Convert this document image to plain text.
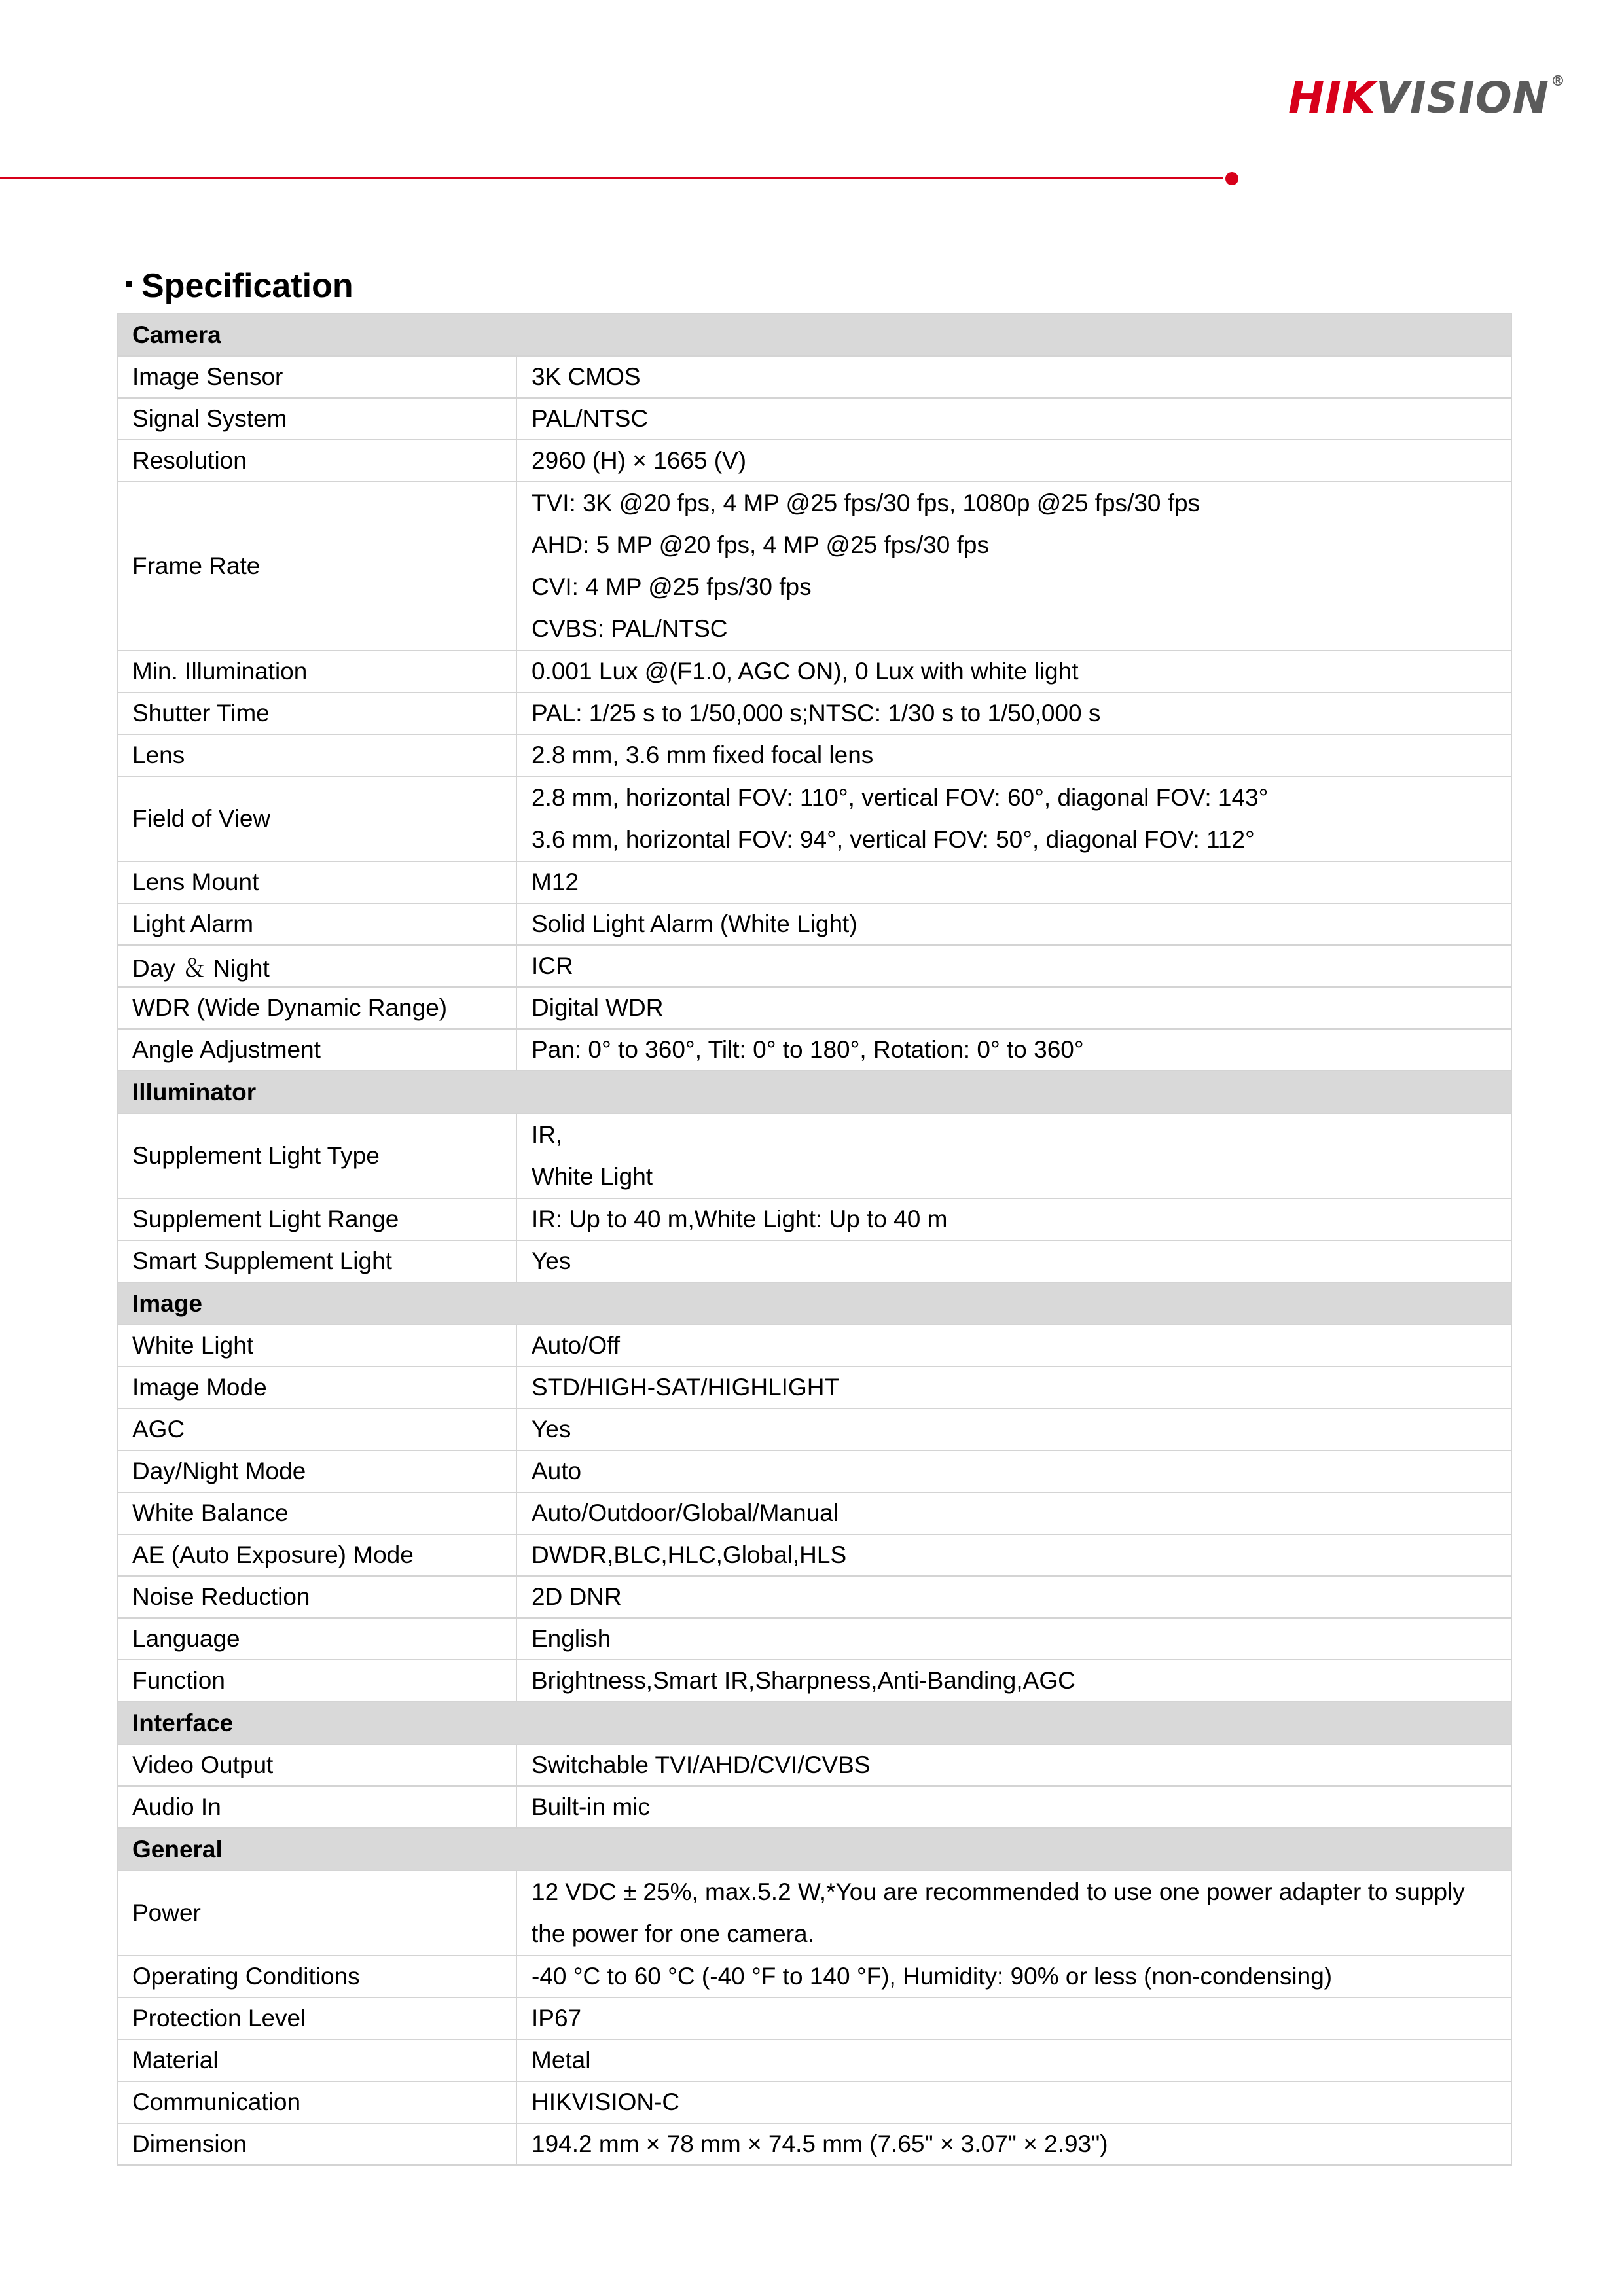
HIKVISION®
Specification
Camera	
Image Sensor	3K CMOS

Signal System	PAL/NTSC

Resolution	2960 (H) × 1665 (V)

Frame Rate	TVI: 3K @20 fps, 4 MP @25 fps/30 fps, 1080p @25 fps/30 fps
AHD: 5 MP @20 fps, 4 MP @25 fps/30 fps
CVI: 4 MP @25 fps/30 fps
CVBS: PAL/NTSC

Min. Illumination	0.001 Lux @(F1.0, AGC ON), 0 Lux with white light

Shutter Time	PAL: 1/25 s to 1/50,000 s;NTSC: 1/30 s to 1/50,000 s

Lens	2.8 mm, 3.6 mm fixed focal lens

Field of View	2.8 mm, horizontal FOV: 110°, vertical FOV: 60°, diagonal FOV: 143°
3.6 mm, horizontal FOV: 94°, vertical FOV: 50°, diagonal FOV: 112°

Lens Mount	M12

Light Alarm	Solid Light Alarm (White Light)

Day ＆ Night	ICR

WDR (Wide Dynamic Range)	Digital WDR

Angle Adjustment	Pan: 0° to 360°, Tilt: 0° to 180°, Rotation: 0° to 360°

Illuminator	
Supplement Light Type	IR,
White Light

Supplement Light Range	IR: Up to 40 m,White Light: Up to 40 m

Smart Supplement Light	Yes

Image	
White Light	Auto/Off

Image Mode	STD/HIGH-SAT/HIGHLIGHT

AGC	Yes

Day/Night Mode	Auto

White Balance	Auto/Outdoor/Global/Manual

AE (Auto Exposure) Mode	DWDR,BLC,HLC,Global,HLS

Noise Reduction	2D DNR

Language	English

Function	Brightness,Smart IR,Sharpness,Anti-Banding,AGC

Interface	
Video Output	Switchable TVI/AHD/CVI/CVBS

Audio In	Built-in mic

General	
Power	12 VDC ± 25%, max.5.2 W,*You are recommended to use one power adapter to supply
the power for one camera.

Operating Conditions	-40 °C to 60 °C (-40 °F to 140 °F), Humidity: 90% or less (non-condensing)

Protection Level	IP67

Material	Metal

Communication	HIKVISION-C

Dimension	194.2 mm × 78 mm × 74.5 mm (7.65" × 3.07" × 2.93")
